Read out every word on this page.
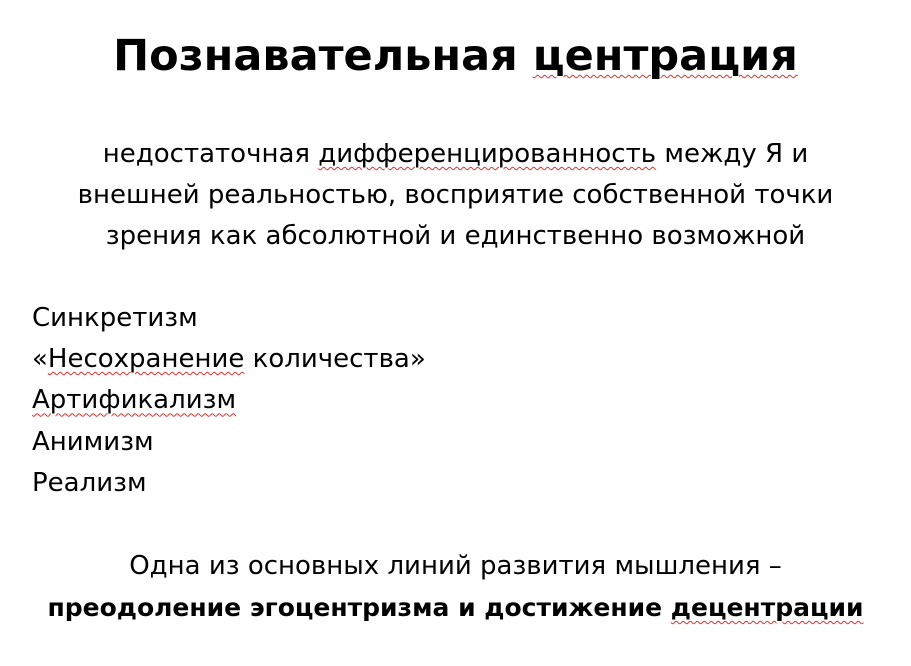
Познавательная центрация
недостаточная дифференцированность между Я и
внешней реальностью, восприятие собственной точки
зрения как абсолютной и единственно возможной
Синкретизм
«Несохранение количества»
Артификализм
Анимизм
Реализм
Одна из основных линий развития мышления –
преодоление эгоцентризма и достижение децентрации
